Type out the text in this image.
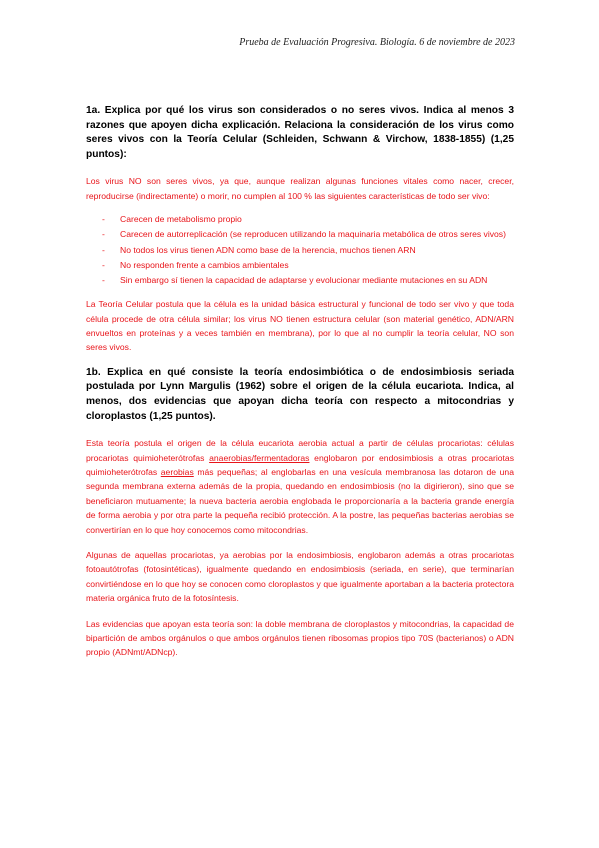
Prueba de Evaluación Progresiva. Biología. 6 de noviembre de 2023

1a. Explica por qué los virus son considerados o no seres vivos. Indica al menos 3 razones que apoyen dicha explicación. Relaciona la consideración de los virus como seres vivos con la Teoría Celular (Schleiden, Schwann & Virchow, 1838-1855) (1,25 puntos):

Los virus NO son seres vivos, ya que, aunque realizan algunas funciones vitales como nacer, crecer, reproducirse (indirectamente) o morir, no cumplen al 100 % las siguientes características de todo ser vivo:

- Carecen de metabolismo propio
- Carecen de autorreplicación (se reproducen utilizando la maquinaria metabólica de otros seres vivos)
- No todos los virus tienen ADN como base de la herencia, muchos tienen ARN
- No responden frente a cambios ambientales
- Sin embargo sí tienen la capacidad de adaptarse y evolucionar mediante mutaciones en su ADN

La Teoría Celular postula que la célula es la unidad básica estructural y funcional de todo ser vivo y que toda célula procede de otra célula similar; los virus NO tienen estructura celular (son material genético, ADN/ARN envueltos en proteínas y a veces también en membrana), por lo que al no cumplir la teoría celular, NO son seres vivos.

1b. Explica en qué consiste la teoría endosimbiótica o de endosimbiosis seriada postulada por Lynn Margulis (1962) sobre el origen de la célula eucariota. Indica, al menos, dos evidencias que apoyan dicha teoría con respecto a mitocondrias y cloroplastos (1,25 puntos).

Esta teoría postula el origen de la célula eucariota aerobia actual a partir de células procariotas: células procariotas quimioheterótrofas anaerobias/fermentadoras englobaron por endosimbiosis a otras procariotas quimioheterótrofas aerobias más pequeñas; al englobarlas en una vesícula membranosa las dotaron de una segunda membrana externa además de la propia, quedando en endosimbiosis (no la digirieron), sino que se beneficiaron mutuamente; la nueva bacteria aerobia englobada le proporcionaría a la bacteria grande energía de forma aerobia y por otra parte la pequeña recibió protección. A la postre, las pequeñas bacterias aerobias se convertirían en lo que hoy conocemos como mitocondrias.

Algunas de aquellas procariotas, ya aerobias por la endosimbiosis, englobaron además a otras procariotas fotoautótrofas (fotosintéticas), igualmente quedando en endosimbiosis (seriada, en serie), que terminarían convirtiéndose en lo que hoy se conocen como cloroplastos y que igualmente aportaban a la bacteria protectora materia orgánica fruto de la fotosíntesis.

Las evidencias que apoyan esta teoría son: la doble membrana de cloroplastos y mitocondrias, la capacidad de bipartición de ambos orgánulos o que ambos orgánulos tienen ribosomas propios tipo 70S (bacterianos) o ADN propio (ADNmt/ADNcp).
